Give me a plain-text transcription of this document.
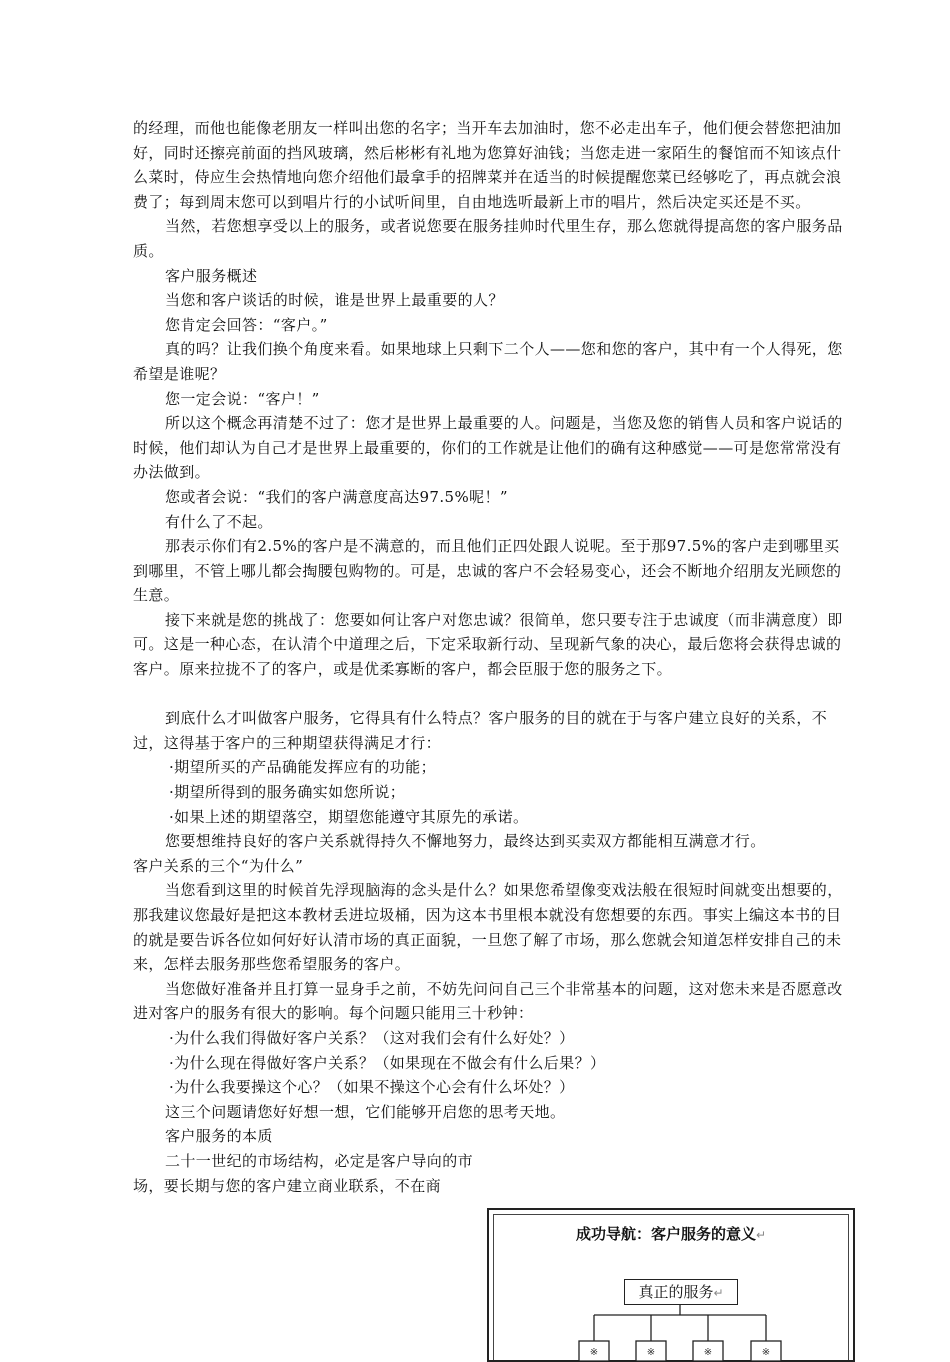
的经理，而他也能像老朋友一样叫出您的名字；当开车去加油时，您不必走出车子，他们便会替您把油加好，同时还擦亮前面的挡风玻璃，然后彬彬有礼地为您算好油钱；当您走进一家陌生的餐馆而不知该点什么菜时，侍应生会热情地向您介绍他们最拿手的招牌菜并在适当的时候提醒您菜已经够吃了，再点就会浪费了；每到周末您可以到唱片行的小试听间里，自由地选听最新上市的唱片，然后决定买还是不买。

当然，若您想享受以上的服务，或者说您要在服务挂帅时代里生存，那么您就得提高您的客户服务品质。

客户服务概述

当您和客户谈话的时候，谁是世界上最重要的人？

您肯定会回答：“客户。”

真的吗？让我们换个角度来看。如果地球上只剩下二个人——您和您的客户，其中有一个人得死，您希望是谁呢？

您一定会说：“客户！”

所以这个概念再清楚不过了：您才是世界上最重要的人。问题是，当您及您的销售人员和客户说话的时候，他们却认为自己才是世界上最重要的，你们的工作就是让他们的确有这种感觉——可是您常常没有办法做到。

您或者会说：“我们的客户满意度高达97.5%呢！”

有什么了不起。

那表示你们有2.5%的客户是不满意的，而且他们正四处跟人说呢。至于那97.5%的客户走到哪里买到哪里，不管上哪儿都会掏腰包购物的。可是，忠诚的客户不会轻易变心，还会不断地介绍朋友光顾您的生意。

接下来就是您的挑战了：您要如何让客户对您忠诚？很简单，您只要专注于忠诚度（而非满意度）即可。这是一种心态，在认清个中道理之后，下定采取新行动、呈现新气象的决心，最后您将会获得忠诚的客户。原来拉拢不了的客户，或是优柔寡断的客户，都会臣服于您的服务之下。

到底什么才叫做客户服务，它得具有什么特点？客户服务的目的就在于与客户建立良好的关系，不过，这得基于客户的三种期望获得满足才行：

·期望所买的产品确能发挥应有的功能；

·期望所得到的服务确实如您所说；

·如果上述的期望落空，期望您能遵守其原先的承诺。

您要想维持良好的客户关系就得持久不懈地努力，最终达到买卖双方都能相互满意才行。

客户关系的三个“为什么”

当您看到这里的时候首先浮现脑海的念头是什么？如果您希望像变戏法般在很短时间就变出想要的，那我建议您最好是把这本教材丢进垃圾桶，因为这本书里根本就没有您想要的东西。事实上编这本书的目的就是要告诉各位如何好好认清市场的真正面貌，一旦您了解了市场，那么您就会知道怎样安排自己的未来，怎样去服务那些您希望服务的客户。

当您做好准备并且打算一显身手之前，不妨先问问自己三个非常基本的问题，这对您未来是否愿意改进对客户的服务有很大的影响。每个问题只能用三十秒钟：

·为什么我们得做好客户关系？（这对我们会有什么好处？）

·为什么现在得做好客户关系？（如果现在不做会有什么后果？）

·为什么我要操这个心？（如果不操这个心会有什么坏处？）

这三个问题请您好好想一想，它们能够开启您的思考天地。

客户服务的本质

二十一世纪的市场结构，必定是客户导向的市场，要长期与您的客户建立商业联系，不在商

成功导航：客户服务的意义↵
真正的服务↵
※	※	※	※
